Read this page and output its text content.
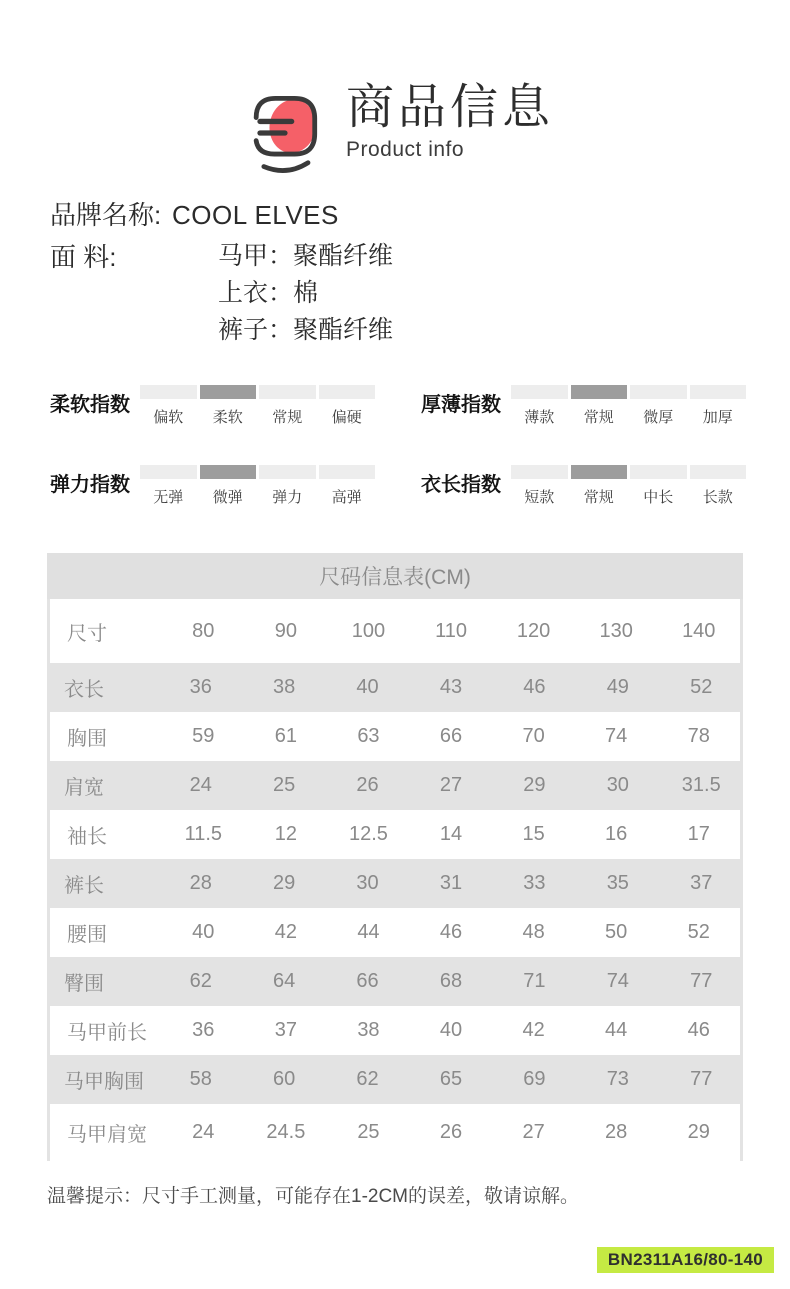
商品信息
Product info
品牌名称: COOL ELVES
面 料:	马甲：聚酯纤维
上衣：棉
裤子：聚酯纤维
柔软指数
偏软	柔软	常规	偏硬
厚薄指数
薄款	常规	微厚	加厚
弹力指数
无弹	微弹	弹力	高弹
衣长指数
短款	常规	中长	长款
尺码信息表(CM)
尺寸	80	90	100	110	120	130	140
衣长	36	38	40	43	46	49	52
胸围	59	61	63	66	70	74	78
肩宽	24	25	26	27	29	30	31.5
袖长	11.5	12	12.5	14	15	16	17
裤长	28	29	30	31	33	35	37
腰围	40	42	44	46	48	50	52
臀围	62	64	66	68	71	74	77
马甲前长	36	37	38	40	42	44	46
马甲胸围	58	60	62	65	69	73	77
马甲肩宽	24	24.5	25	26	27	28	29
温馨提示：尺寸手工测量，可能存在1-2CM的误差，敬请谅解。
BN2311A16/80-140
